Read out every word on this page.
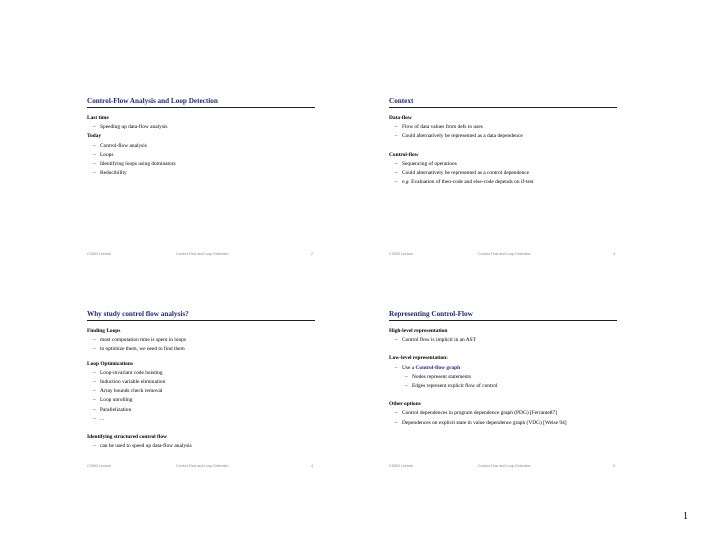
Control-Flow Analysis and Loop Detection
Last time
– Speeding up data-flow analysis
Today
– Control-flow analysis
– Loops
– Identifying loops using dominators
– Reducibility
CS553 Lecture	Control-Flow and Loop Detection	2
Context
Data-flow
– Flow of data values from defs to uses
– Could alternatively be represented as a data dependence
Control-flow
– Sequencing of operations
– Could alternatively be represented as a control dependence
– e.g. Evaluation of then-code and else-code depends on if-test
CS553 Lecture	Control-Flow and Loop Detection	3
Why study control flow analysis?
Finding Loops
– most computation time is spent in loops
– to optimize them, we need to find them
Loop Optimizations
– Loop-invariant code hoisting
– Induction variable elimination
– Array bounds check removal
– Loop unrolling
– Parallelization
– ...
Identifying structured control flow
– can be used to speed up data-flow analysis
CS553 Lecture	Control-Flow and Loop Detection	4
Representing Control-Flow
High-level representation
– Control flow is implicit in an AST
Low-level representation:
– Use a Control-flow graph
– Nodes represent statements
– Edges represent explicit flow of control
Other options
– Control dependences in program dependence graph (PDG) [Ferrante87]
– Dependences on explicit state in value dependence graph (VDG) [Weise 94]
CS553 Lecture	Control-Flow and Loop Detection	5
1
